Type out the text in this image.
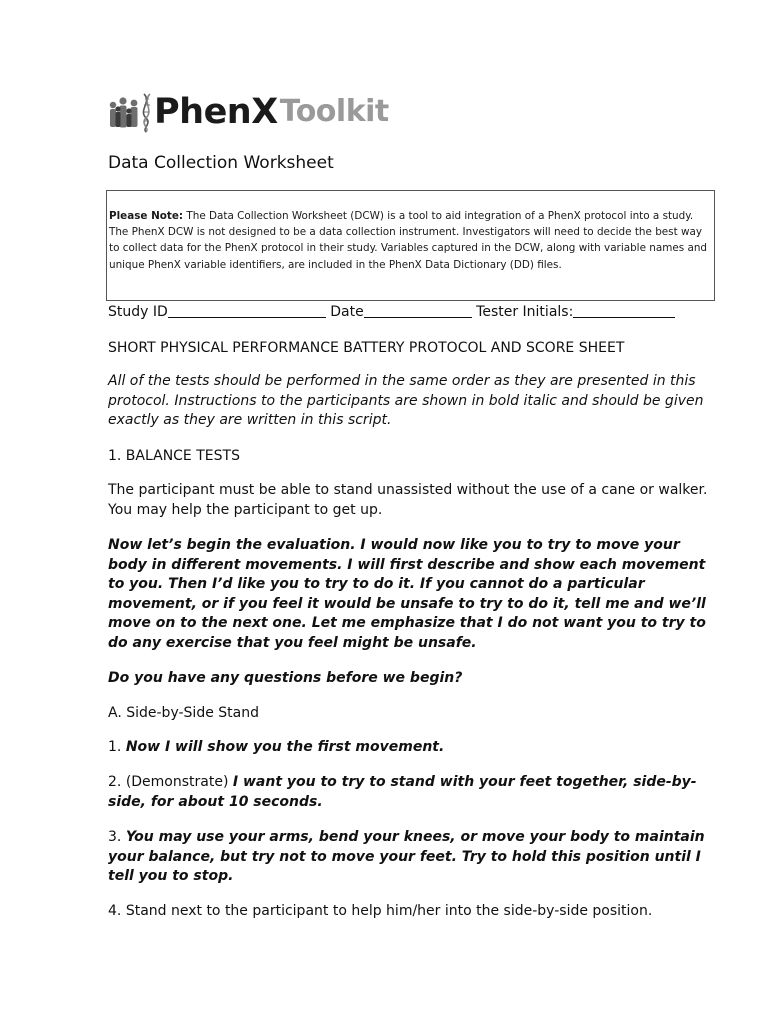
PhenX Toolkit
Data Collection Worksheet
Please Note: The Data Collection Worksheet (DCW) is a tool to aid integration of a PhenX protocol into a study. The PhenX DCW is not designed to be a data collection instrument. Investigators will need to decide the best way to collect data for the PhenX protocol in their study. Variables captured in the DCW, along with variable names and unique PhenX variable identifiers, are included in the PhenX Data Dictionary (DD) files.
Study ID	Date	Tester Initials:
SHORT PHYSICAL PERFORMANCE BATTERY PROTOCOL AND SCORE SHEET

All of the tests should be performed in the same order as they are presented in this protocol. Instructions to the participants are shown in bold italic and should be given exactly as they are written in this script.

1. BALANCE TESTS

The participant must be able to stand unassisted without the use of a cane or walker. You may help the participant to get up.

Now let’s begin the evaluation. I would now like you to try to move your body in different movements. I will first describe and show each movement to you. Then I’d like you to try to do it. If you cannot do a particular movement, or if you feel it would be unsafe to try to do it, tell me and we’ll move on to the next one. Let me emphasize that I do not want you to try to do any exercise that you feel might be unsafe.

Do you have any questions before we begin?

A. Side-by-Side Stand

1. Now I will show you the first movement.

2. (Demonstrate) I want you to try to stand with your feet together, side-by-side, for about 10 seconds.

3. You may use your arms, bend your knees, or move your body to maintain your balance, but try not to move your feet. Try to hold this position until I tell you to stop.

4. Stand next to the participant to help him/her into the side-by-side position.
